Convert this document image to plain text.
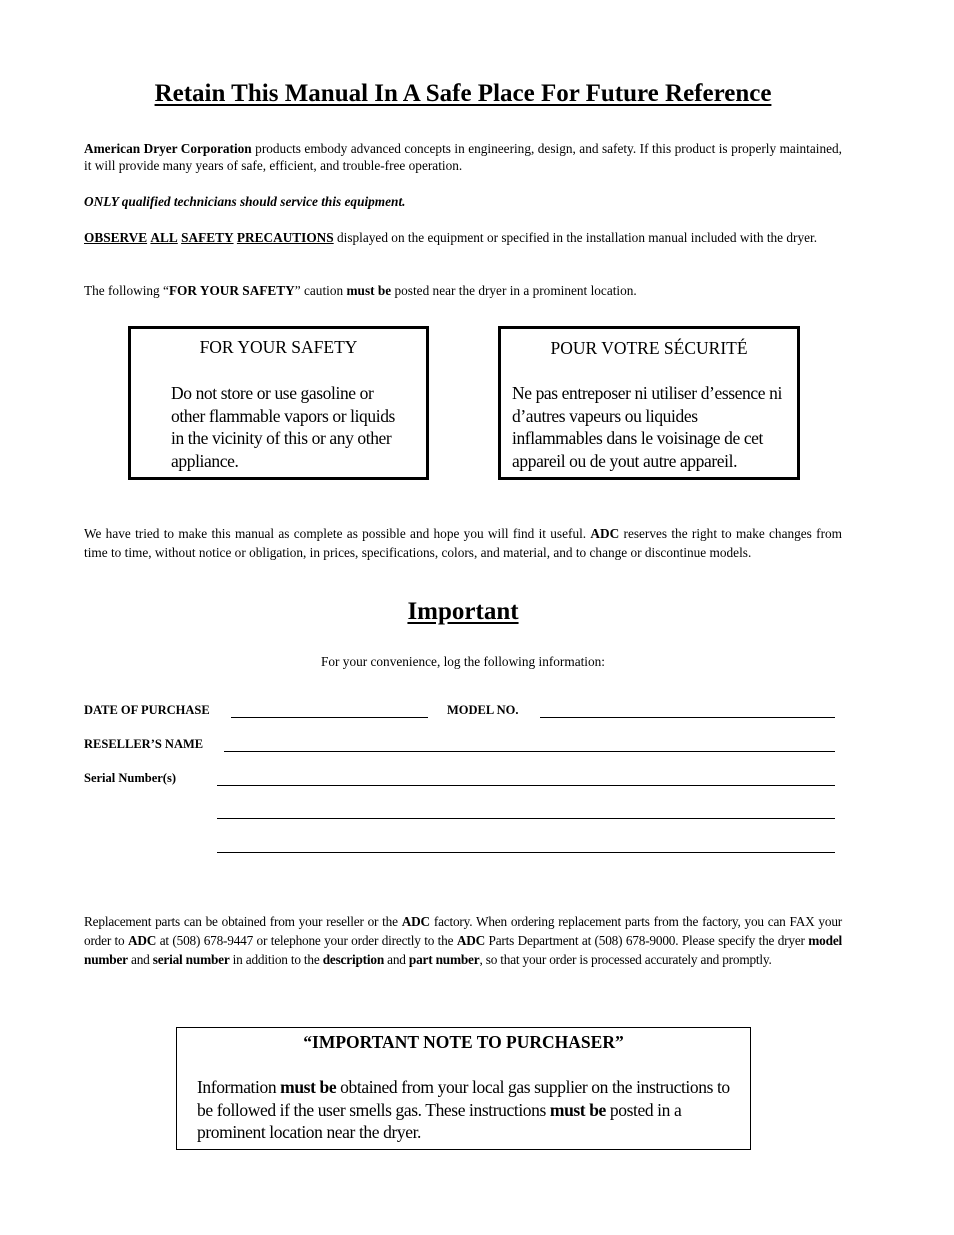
Retain This Manual In A Safe Place For Future Reference
American Dryer Corporation products embody advanced concepts in engineering, design, and safety. If this product is properly maintained, it will provide many years of safe, efficient, and trouble-free operation.
ONLY qualified technicians should service this equipment.
OBSERVE ALL SAFETY PRECAUTIONS displayed on the equipment or specified in the installation manual included with the dryer.
The following “FOR YOUR SAFETY” caution must be posted near the dryer in a prominent location.
FOR YOUR SAFETY
Do not store or use gasoline or other flammable vapors or liquids in the vicinity of this or any other appliance.
POUR VOTRE SÉCURITÉ
Ne pas entreposer ni utiliser d’essence ni d’autres vapeurs ou liquides inflammables dans le voisinage de cet appareil ou de yout autre appareil.
We have tried to make this manual as complete as possible and hope you will find it useful. ADC reserves the right to make changes from time to time, without notice or obligation, in prices, specifications, colors, and material, and to change or discontinue models.
Important
For your convenience, log the following information:
DATE OF PURCHASE	MODEL NO.
RESELLER’S NAME
Serial Number(s)
Replacement parts can be obtained from your reseller or the ADC factory. When ordering replacement parts from the factory, you can FAX your order to ADC at (508) 678-9447 or telephone your order directly to the ADC Parts Department at (508) 678-9000. Please specify the dryer model number and serial number in addition to the description and part number, so that your order is processed accurately and promptly.
“IMPORTANT NOTE TO PURCHASER”
Information must be obtained from your local gas supplier on the instructions to be followed if the user smells gas. These instructions must be posted in a prominent location near the dryer.
